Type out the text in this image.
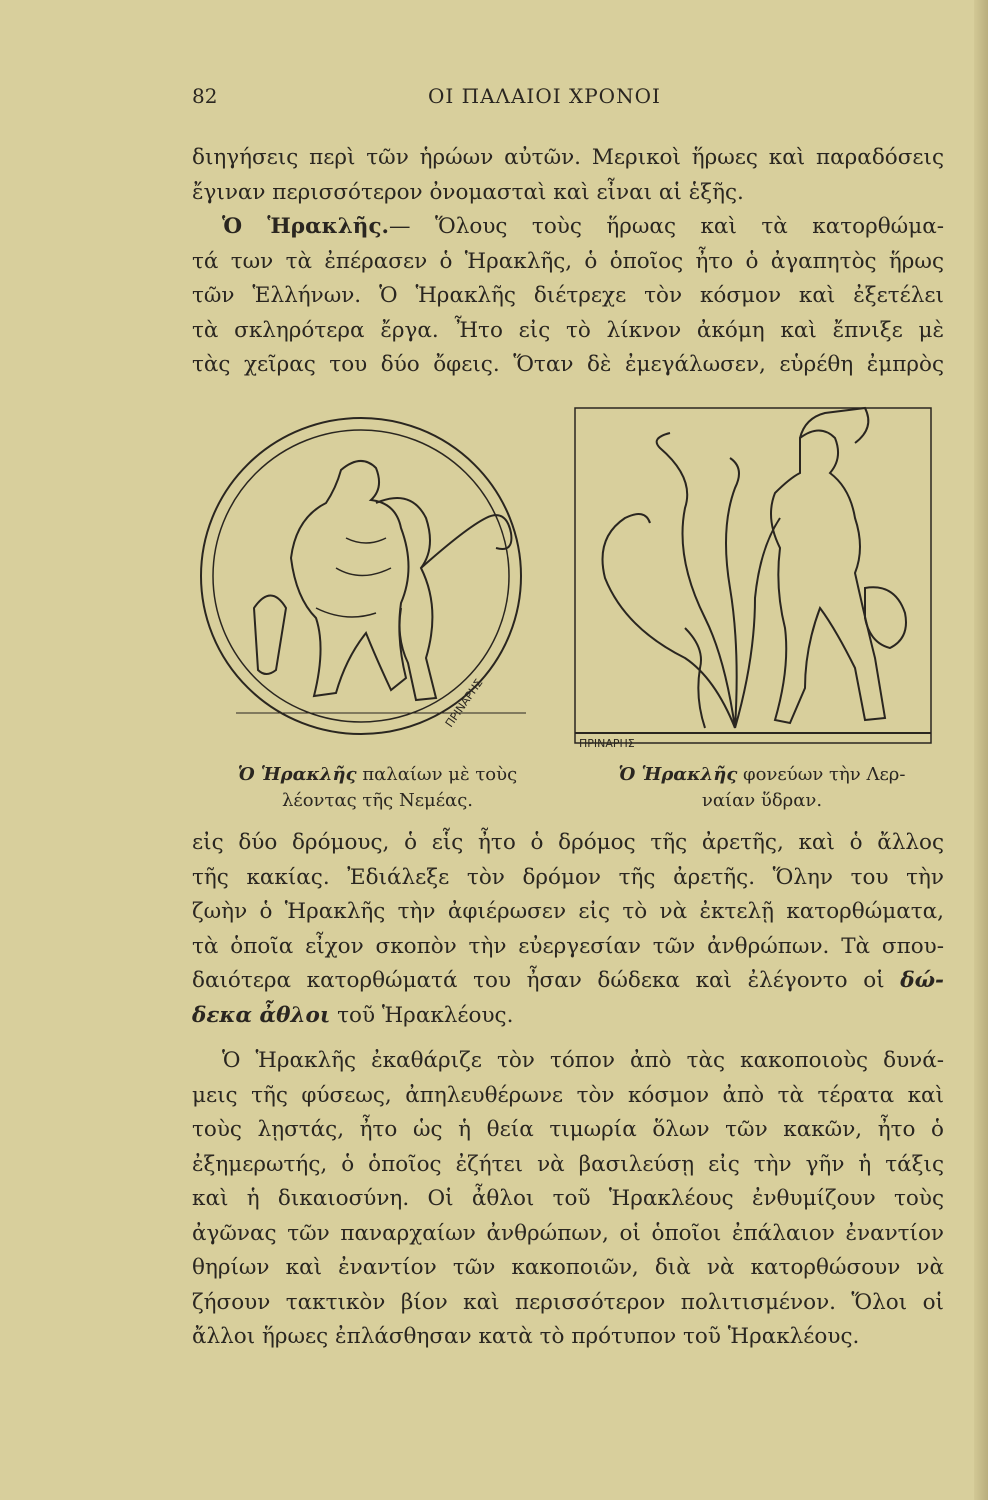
82	ΟΙ ΠΑΛΑΙΟΙ ΧΡΟΝΟΙ
διηγήσεις περὶ τῶν ἡρώων αὐτῶν. Μερικοὶ ἥρωες καὶ παραδόσεις
ἔγιναν περισσότερον ὀνομασταὶ καὶ εἶναι αἱ ἑξῆς.
Ὁ Ἡρακλῆς.— Ὅλους τοὺς ἥρωας καὶ τὰ κατορθώμα-
τά των τὰ ἐπέρασεν ὁ Ἡρακλῆς, ὁ ὁποῖος ἦτο ὁ ἀγαπητὸς ἥρως
τῶν Ἑλλήνων. Ὁ Ἡρακλῆς διέτρεχε τὸν κόσμον καὶ ἐξετέλει
τὰ σκληρότερα ἔργα. Ἦτο εἰς τὸ λίκνον ἀκόμη καὶ ἔπνιξε μὲ
τὰς χεῖρας του δύο ὄφεις. Ὅταν δὲ ἐμεγάλωσεν, εὑρέθη ἐμπρὸς
ΠΡΙΝΑΡΗΣ
ΠΡΙΝΑΡΗΣ
Ὁ Ἡρακλῆς παλαίων μὲ τοὺς
λέοντας τῆς Νεμέας.
Ὁ Ἡρακλῆς φονεύων τὴν Λερ-
ναίαν ὕδραν.
εἰς δύο δρόμους, ὁ εἷς ἦτο ὁ δρόμος τῆς ἀρετῆς, καὶ ὁ ἄλλος
τῆς κακίας. Ἐδιάλεξε τὸν δρόμον τῆς ἀρετῆς. Ὅλην του τὴν
ζωὴν ὁ Ἡρακλῆς τὴν ἀφιέρωσεν εἰς τὸ νὰ ἐκτελῇ κατορθώματα,
τὰ ὁποῖα εἶχον σκοπὸν τὴν εὐεργεσίαν τῶν ἀνθρώπων. Τὰ σπου-
δαιότερα κατορθώματά του ἦσαν δώδεκα καὶ ἐλέγοντο οἱ δώ-
δεκα ἆθλοι τοῦ Ἡρακλέους.
Ὁ Ἡρακλῆς ἐκαθάριζε τὸν τόπον ἀπὸ τὰς κακοποιοὺς δυνά-
μεις τῆς φύσεως, ἀπηλευθέρωνε τὸν κόσμον ἀπὸ τὰ τέρατα καὶ
τοὺς λῃστάς, ἦτο ὡς ἡ θεία τιμωρία ὅλων τῶν κακῶν, ἦτο ὁ
ἐξημερωτής, ὁ ὁποῖος ἐζήτει νὰ βασιλεύσῃ εἰς τὴν γῆν ἡ τάξις
καὶ ἡ δικαιοσύνη. Οἱ ἆθλοι τοῦ Ἡρακλέους ἐνθυμίζουν τοὺς
ἀγῶνας τῶν παναρχαίων ἀνθρώπων, οἱ ὁποῖοι ἐπάλαιον ἐναντίον
θηρίων καὶ ἐναντίον τῶν κακοποιῶν, διὰ νὰ κατορθώσουν νὰ
ζήσουν τακτικὸν βίον καὶ περισσότερον πολιτισμένον. Ὅλοι οἱ
ἄλλοι ἥρωες ἐπλάσθησαν κατὰ τὸ πρότυπον τοῦ Ἡρακλέους.
